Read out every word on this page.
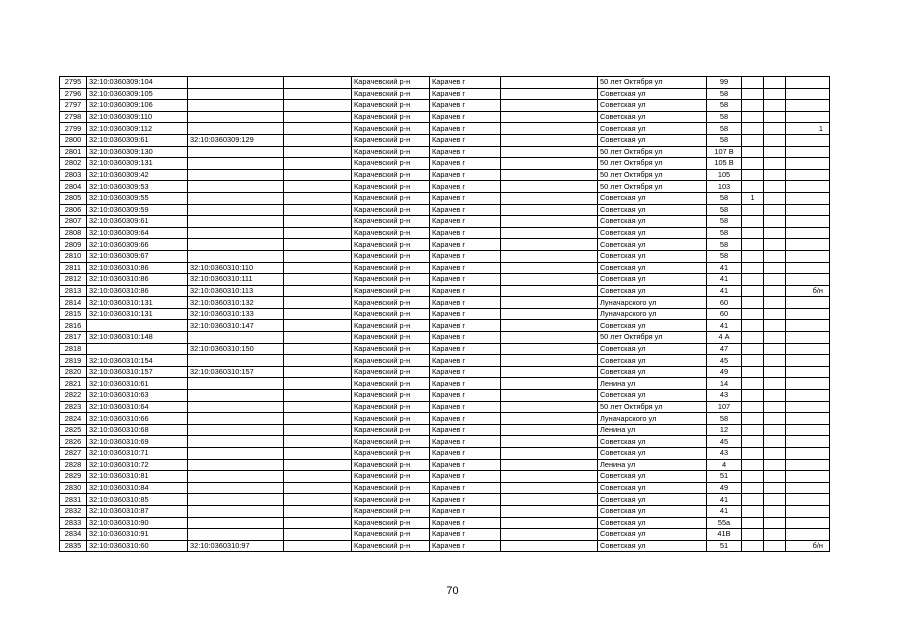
2795	32:10:0360309:104			Карачевский р-н	Карачев г		50 лет Октября ул	99			
2796	32:10:0360309:105			Карачевский р-н	Карачев г		Советская ул	58			
2797	32:10:0360309:106			Карачевский р-н	Карачев г		Советская ул	58			
2798	32:10:0360309:110			Карачевский р-н	Карачев г		Советская ул	58			
2799	32:10:0360309:112			Карачевский р-н	Карачев г		Советская ул	58			1
2800	32:10:0360309:61	32:10:0360309:129		Карачевский р-н	Карачев г		Советская ул	58			
2801	32:10:0360309:130			Карачевский р-н	Карачев г		50 лет Октября ул	107 В			
2802	32:10:0360309:131			Карачевский р-н	Карачев г		50 лет Октября ул	105 В			
2803	32:10:0360309:42			Карачевский р-н	Карачев г		50 лет Октября ул	105			
2804	32:10:0360309:53			Карачевский р-н	Карачев г		50 лет Октября ул	103			
2805	32:10:0360309:55			Карачевский р-н	Карачев г		Советская ул	58	1		
2806	32:10:0360309:59			Карачевский р-н	Карачев г		Советская ул	58			
2807	32:10:0360309:61			Карачевский р-н	Карачев г		Советская ул	58			
2808	32:10:0360309:64			Карачевский р-н	Карачев г		Советская ул	58			
2809	32:10:0360309:66			Карачевский р-н	Карачев г		Советская ул	58			
2810	32:10:0360309:67			Карачевский р-н	Карачев г		Советская ул	58			
2811	32:10:0360310:86	32:10:0360310:110		Карачевский р-н	Карачев г		Советская ул	41			
2812	32:10:0360310:86	32:10:0360310:111		Карачевский р-н	Карачев г		Советская ул	41			
2813	32:10:0360310:86	32:10:0360310:113		Карачевский р-н	Карачев г		Советская ул	41			б/н
2814	32:10:0360310:131	32:10:0360310:132		Карачевский р-н	Карачев г		Луначарского ул	60			
2815	32:10:0360310:131	32:10:0360310:133		Карачевский р-н	Карачев г		Луначарского ул	60			
2816		32:10:0360310:147		Карачевский р-н	Карачев г		Советская ул	41			
2817	32:10:0360310:148			Карачевский р-н	Карачев г		50 лет Октября ул	4 А			
2818		32:10:0360310:150		Карачевский р-н	Карачев г		Советская ул	47			
2819	32:10:0360310:154			Карачевский р-н	Карачев г		Советская ул	45			
2820	32:10:0360310:157	32:10:0360310:157		Карачевский р-н	Карачев г		Советская ул	49			
2821	32:10:0360310:61			Карачевский р-н	Карачев г		Ленина ул	14			
2822	32:10:0360310:63			Карачевский р-н	Карачев г		Советская ул	43			
2823	32:10:0360310:64			Карачевский р-н	Карачев г		50 лет Октября ул	107			
2824	32:10:0360310:66			Карачевский р-н	Карачев г		Луначарского ул	58			
2825	32:10:0360310:68			Карачевский р-н	Карачев г		Ленина ул	12			
2826	32:10:0360310:69			Карачевский р-н	Карачев г		Советская ул	45			
2827	32:10:0360310:71			Карачевский р-н	Карачев г		Советская ул	43			
2828	32:10:0360310:72			Карачевский р-н	Карачев г		Ленина ул	4			
2829	32:10:0360310:81			Карачевский р-н	Карачев г		Советская ул	51			
2830	32:10:0360310:84			Карачевский р-н	Карачев г		Советская ул	49			
2831	32:10:0360310:85			Карачевский р-н	Карачев г		Советская ул	41			
2832	32:10:0360310:87			Карачевский р-н	Карачев г		Советская ул	41			
2833	32:10:0360310:90			Карачевский р-н	Карачев г		Советская ул	55а			
2834	32:10:0360310:91			Карачевский р-н	Карачев г		Советская ул	41В			
2835	32:10:0360310:60	32:10:0360310:97		Карачевский р-н	Карачев г		Советская ул	51			б/н
70
